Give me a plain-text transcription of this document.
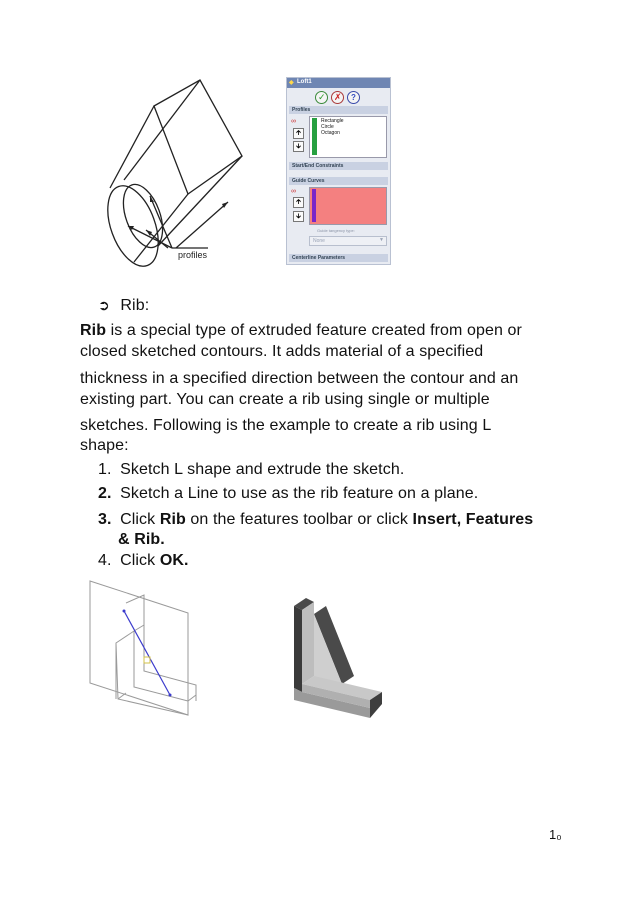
profiles
◆ Loft1
✓ ✗ ?
Profiles
Rectangle
Circle
Octagon
∞
Start/End Constraints
Guide Curves
∞
Guide tangency type:
None	▼
Centerline Parameters
🡱
🡳
🡱
🡳
➲ Rib:
Rib is a special type of extruded feature created from open or
closed sketched contours. It adds material of a specified
thickness in a specified direction between the contour and an
existing part. You can create a rib using single or multiple
sketches. Following is the example to create a rib using L
shape:
1. Sketch L shape and extrude the sketch.
2. Sketch a Line to use as the rib feature on a plane.
3. Click Rib on the features toolbar or click Insert, Features
& Rib.
4. Click OK.
1₀
